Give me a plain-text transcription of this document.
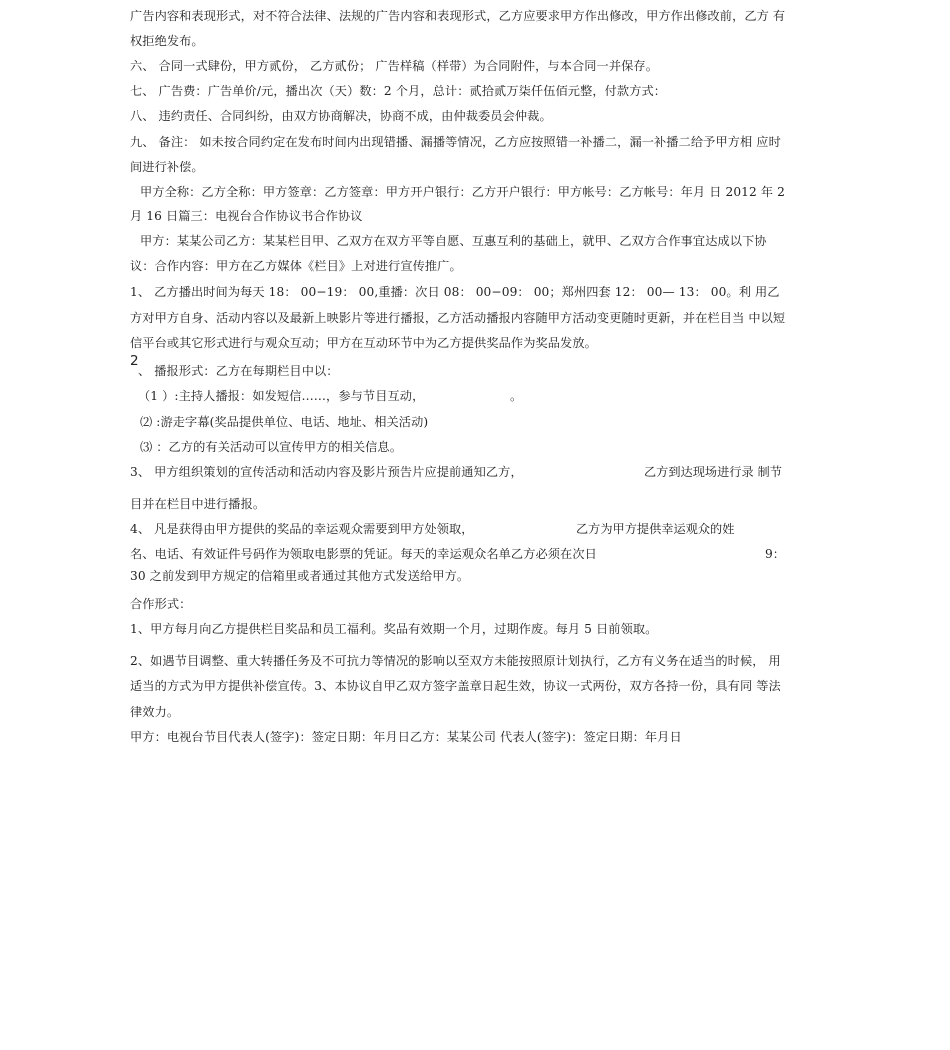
广告内容和表现形式，对不符合法律、法规的广告内容和表现形式，乙方应要求甲方作出修改，甲方作出修改前，乙方 有
权拒绝发布。
六、 合同一式肆份，甲方贰份， 乙方贰份； 广告样稿（样带）为合同附件，与本合同一并保存。
七、 广告费：广告单价/元，播出次（天）数：2 个月，总计：贰拾贰万柒仟伍佰元整，付款方式：
八、 违约责任、合同纠纷，由双方协商解决，协商不成，由仲裁委员会仲裁。
九、 备注： 如未按合同约定在发布时间内出现错播、漏播等情况，乙方应按照错一补播二，漏一补播二给予甲方相 应时
间进行补偿。
甲方全称：乙方全称：甲方签章：乙方签章：甲方开户银行：乙方开户银行：甲方帐号：乙方帐号：年月 日 2012 年 2
月 16 日篇三：电视台合作协议书合作协议
甲方：某某公司乙方：某某栏目甲、乙双方在双方平等自愿、互惠互利的基础上，就甲、乙双方合作事宜达成以下协
议：合作内容：甲方在乙方媒体《栏目》上对进行宣传推广。
1、 乙方播出时间为每天 18： 00−19： 00,重播：次日 08： 00−09： 00；郑州四套 12： 00— 13： 00。利 用乙
方对甲方自身、活动内容以及最新上映影片等进行播报，乙方活动播报内容随甲方活动变更随时更新，并在栏目当 中以短
信平台或其它形式进行与观众互动；甲方在互动环节中为乙方提供奖品作为奖品发放。
2
、 播报形式：乙方在每期栏目中以：
（1 ）:主持人播报：如发短信……，参与节目互动，	。
⑵ :游走字幕(奖品提供单位、电话、地址、相关活动)
⑶ ：乙方的有关活动可以宣传甲方的相关信息。
3、 甲方组织策划的宣传活动和活动内容及影片预告片应提前通知乙方，	乙方到达现场进行录 制节
目并在栏目中进行播报。
4、 凡是获得由甲方提供的奖品的幸运观众需要到甲方处领取，	乙方为甲方提供幸运观众的姓
名、电话、有效证件号码作为领取电影票的凭证。每天的幸运观众名单乙方必须在次日	9：
30 之前发到甲方规定的信箱里或者通过其他方式发送给甲方。
合作形式：
1、甲方每月向乙方提供栏目奖品和员工福利。奖品有效期一个月，过期作废。每月 5 日前领取。
2、如遇节目调整、重大转播任务及不可抗力等情况的影响以至双方未能按照原计划执行，乙方有义务在适当的时候， 用
适当的方式为甲方提供补偿宣传。3、本协议自甲乙双方签字盖章日起生效，协议一式两份，双方各持一份，具有同 等法
律效力。
甲方：电视台节目代表人(签字)：签定日期：年月日乙方：某某公司 代表人(签字)：签定日期：年月日
